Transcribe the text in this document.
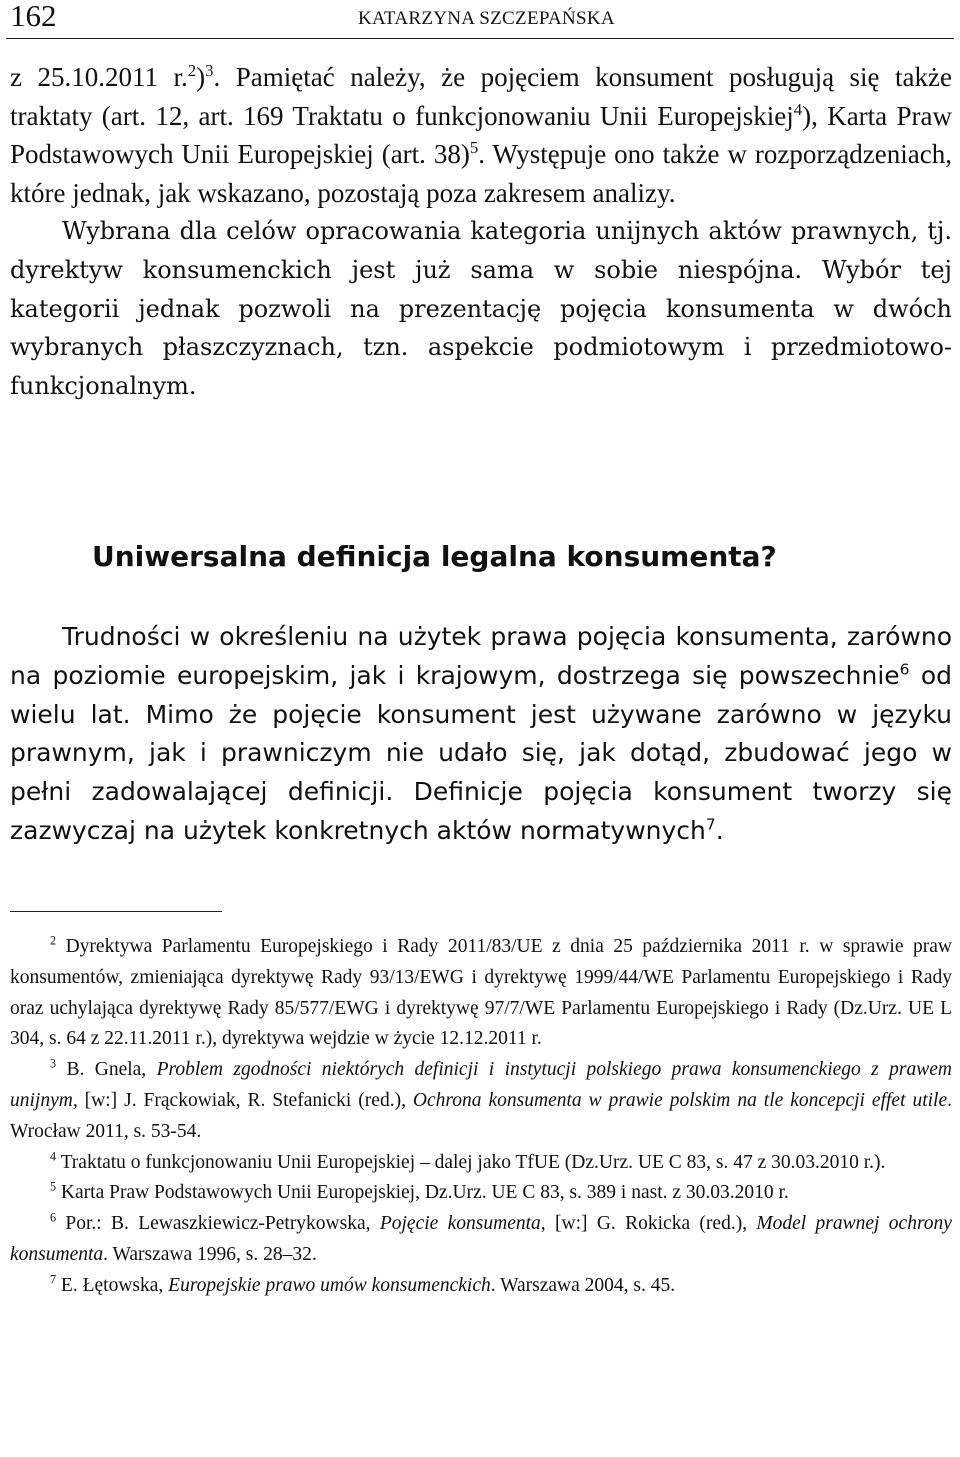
162	KATARZYNA SZCZEPAŃSKA

z 25.10.2011 r.$^2$)$^3$. Pamiętać należy, że pojęciem konsument posługują się także traktaty (art. 12, art. 169 Traktatu o funkcjonowaniu Unii Europejskiej$^4$), Karta Praw Podstawowych Unii Europejskiej (art. 38)$^5$. Występuje ono także w rozporządzeniach, które jednak, jak wskazano, pozostają poza zakresem analizy.

Wybrana dla celów opracowania kategoria unijnych aktów prawnych, tj. dyrektyw konsumenckich jest już sama w sobie niespójna. Wybór tej kategorii jednak pozwoli na prezentację pojęcia konsumenta w dwóch wybranych płaszczyznach, tzn. aspekcie podmiotowym i przedmiotowo-funkcjonalnym.

Uniwersalna definicja legalna konsumenta?

Trudności w określeniu na użytek prawa pojęcia konsumenta, zarówno na poziomie europejskim, jak i krajowym, dostrzega się powszechnie$^6$ od wielu lat. Mimo że pojęcie konsument jest używane zarówno w języku prawnym, jak i prawniczym nie udało się, jak dotąd, zbudować jego w pełni zadowalającej definicji. Definicje pojęcia konsument tworzy się zazwyczaj na użytek konkretnych aktów normatywnych$^7$.

$^2$ Dyrektywa Parlamentu Europejskiego i Rady 2011/83/UE z dnia 25 października 2011 r. w sprawie praw konsumentów, zmieniająca dyrektywę Rady 93/13/EWG i dyrektywę 1999/44/WE Parlamentu Europejskiego i Rady oraz uchylająca dyrektywę Rady 85/577/EWG i dyrektywę 97/7/WE Parlamentu Europejskiego i Rady (Dz.Urz. UE L 304, s. 64 z 22.11.2011 r.), dyrektywa wejdzie w życie 12.12.2011 r.

$^3$ B. Gnela, Problem zgodności niektórych definicji i instytucji polskiego prawa konsumenckiego z prawem unijnym, [w:] J. Frąckowiak, R. Stefanicki (red.), Ochrona konsumenta w prawie polskim na tle koncepcji effet utile. Wrocław 2011, s. 53-54.

$^4$ Traktatu o funkcjonowaniu Unii Europejskiej – dalej jako TfUE (Dz.Urz. UE C 83, s. 47 z 30.03.2010 r.).

$^5$ Karta Praw Podstawowych Unii Europejskiej, Dz.Urz. UE C 83, s. 389 i nast. z 30.03.2010 r.

$^6$ Por.: B. Lewaszkiewicz-Petrykowska, Pojęcie konsumenta, [w:] G. Rokicka (red.), Model prawnej ochrony konsumenta. Warszawa 1996, s. 28–32.

$^7$ E. Łętowska, Europejskie prawo umów konsumenckich. Warszawa 2004, s. 45.
